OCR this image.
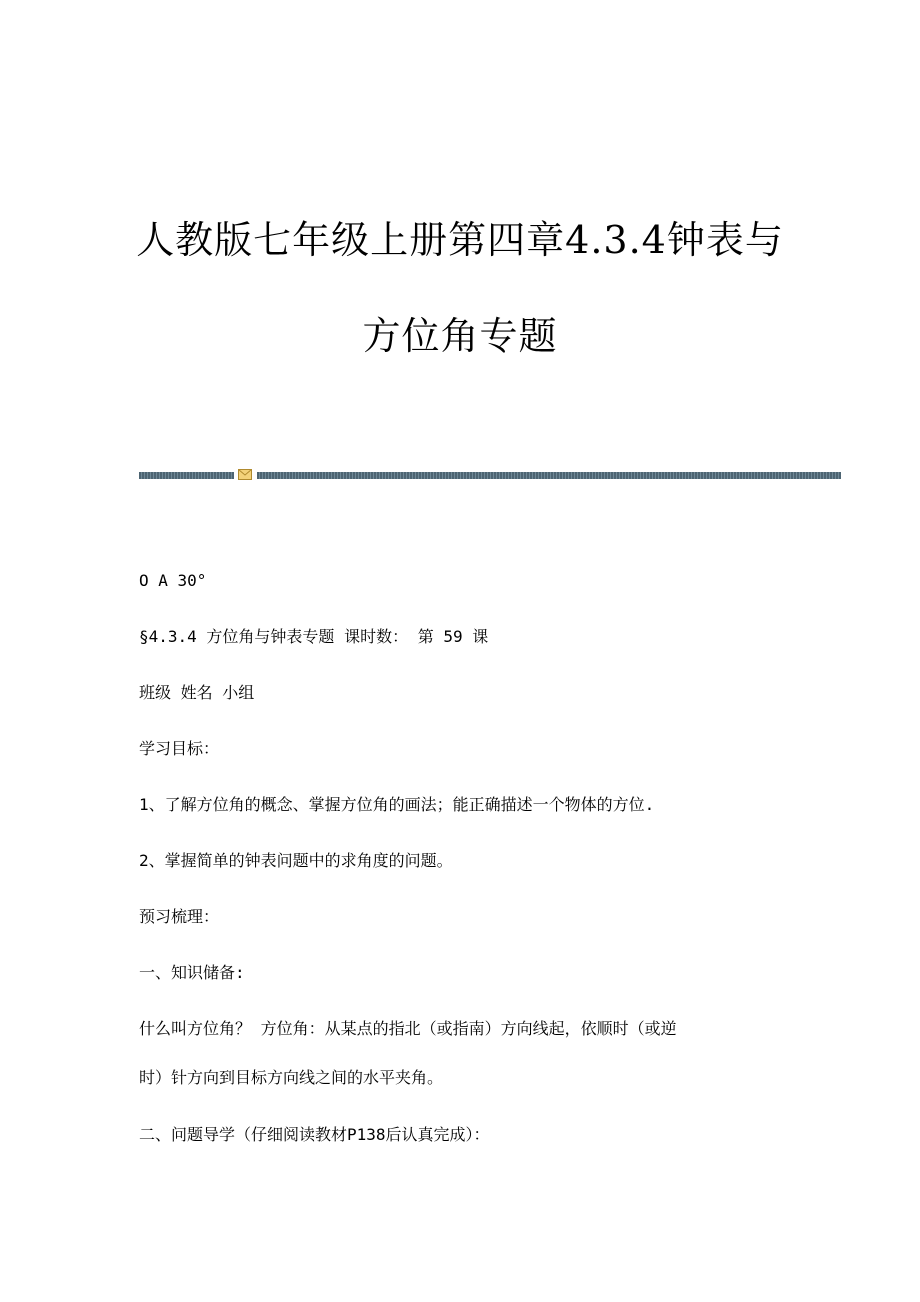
人教版七年级上册第四章4.3.4钟表与
方位角专题

O A 30°

§4.3.4 方位角与钟表专题 课时数： 第 59 课

班级 姓名 小组

学习目标：

1、了解方位角的概念、掌握方位角的画法；能正确描述一个物体的方位.

2、掌握简单的钟表问题中的求角度的问题。

预习梳理：

一、知识储备:

什么叫方位角？ 方位角：从某点的指北（或指南）方向线起，依顺时（或逆

时）针方向到目标方向线之间的水平夹角。

二、问题导学（仔细阅读教材P138后认真完成）：
